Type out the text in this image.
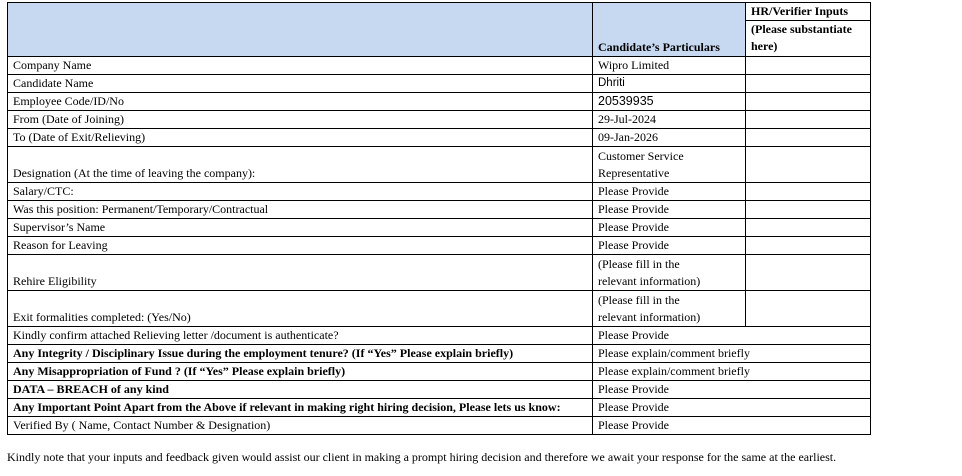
	Candidate’s Particulars	HR/Verifier Inputs
		(Please substantiate
here)
Company Name	Wipro Limited	
Candidate Name	Dhriti	
Employee Code/ID/No	20539935	
From (Date of Joining)	29-Jul-2024	
To (Date of Exit/Relieving)	09-Jan-2026	
Designation (At the time of leaving the company):	Customer Service
Representative	
Salary/CTC:	Please Provide	
Was this position: Permanent/Temporary/Contractual	Please Provide	
Supervisor’s Name	Please Provide	
Reason for Leaving	Please Provide	
Rehire Eligibility	(Please fill in the
relevant information)	
Exit formalities completed: (Yes/No)	(Please fill in the
relevant information)	
Kindly confirm attached Relieving letter /document is authenticate?	Please Provide	
Any Integrity / Disciplinary Issue during the employment tenure? (If “Yes” Please explain briefly)	Please explain/comment briefly	
Any Misappropriation of Fund ? (If “Yes” Please explain briefly)	Please explain/comment briefly	
DATA – BREACH of any kind	Please Provide	
Any Important Point Apart from the Above if relevant in making right hiring decision, Please lets us know:	Please Provide	
Verified By ( Name, Contact Number & Designation)	Please Provide	
Kindly note that your inputs and feedback given would assist our client in making a prompt hiring decision and therefore we await your response for the same at the earliest.
